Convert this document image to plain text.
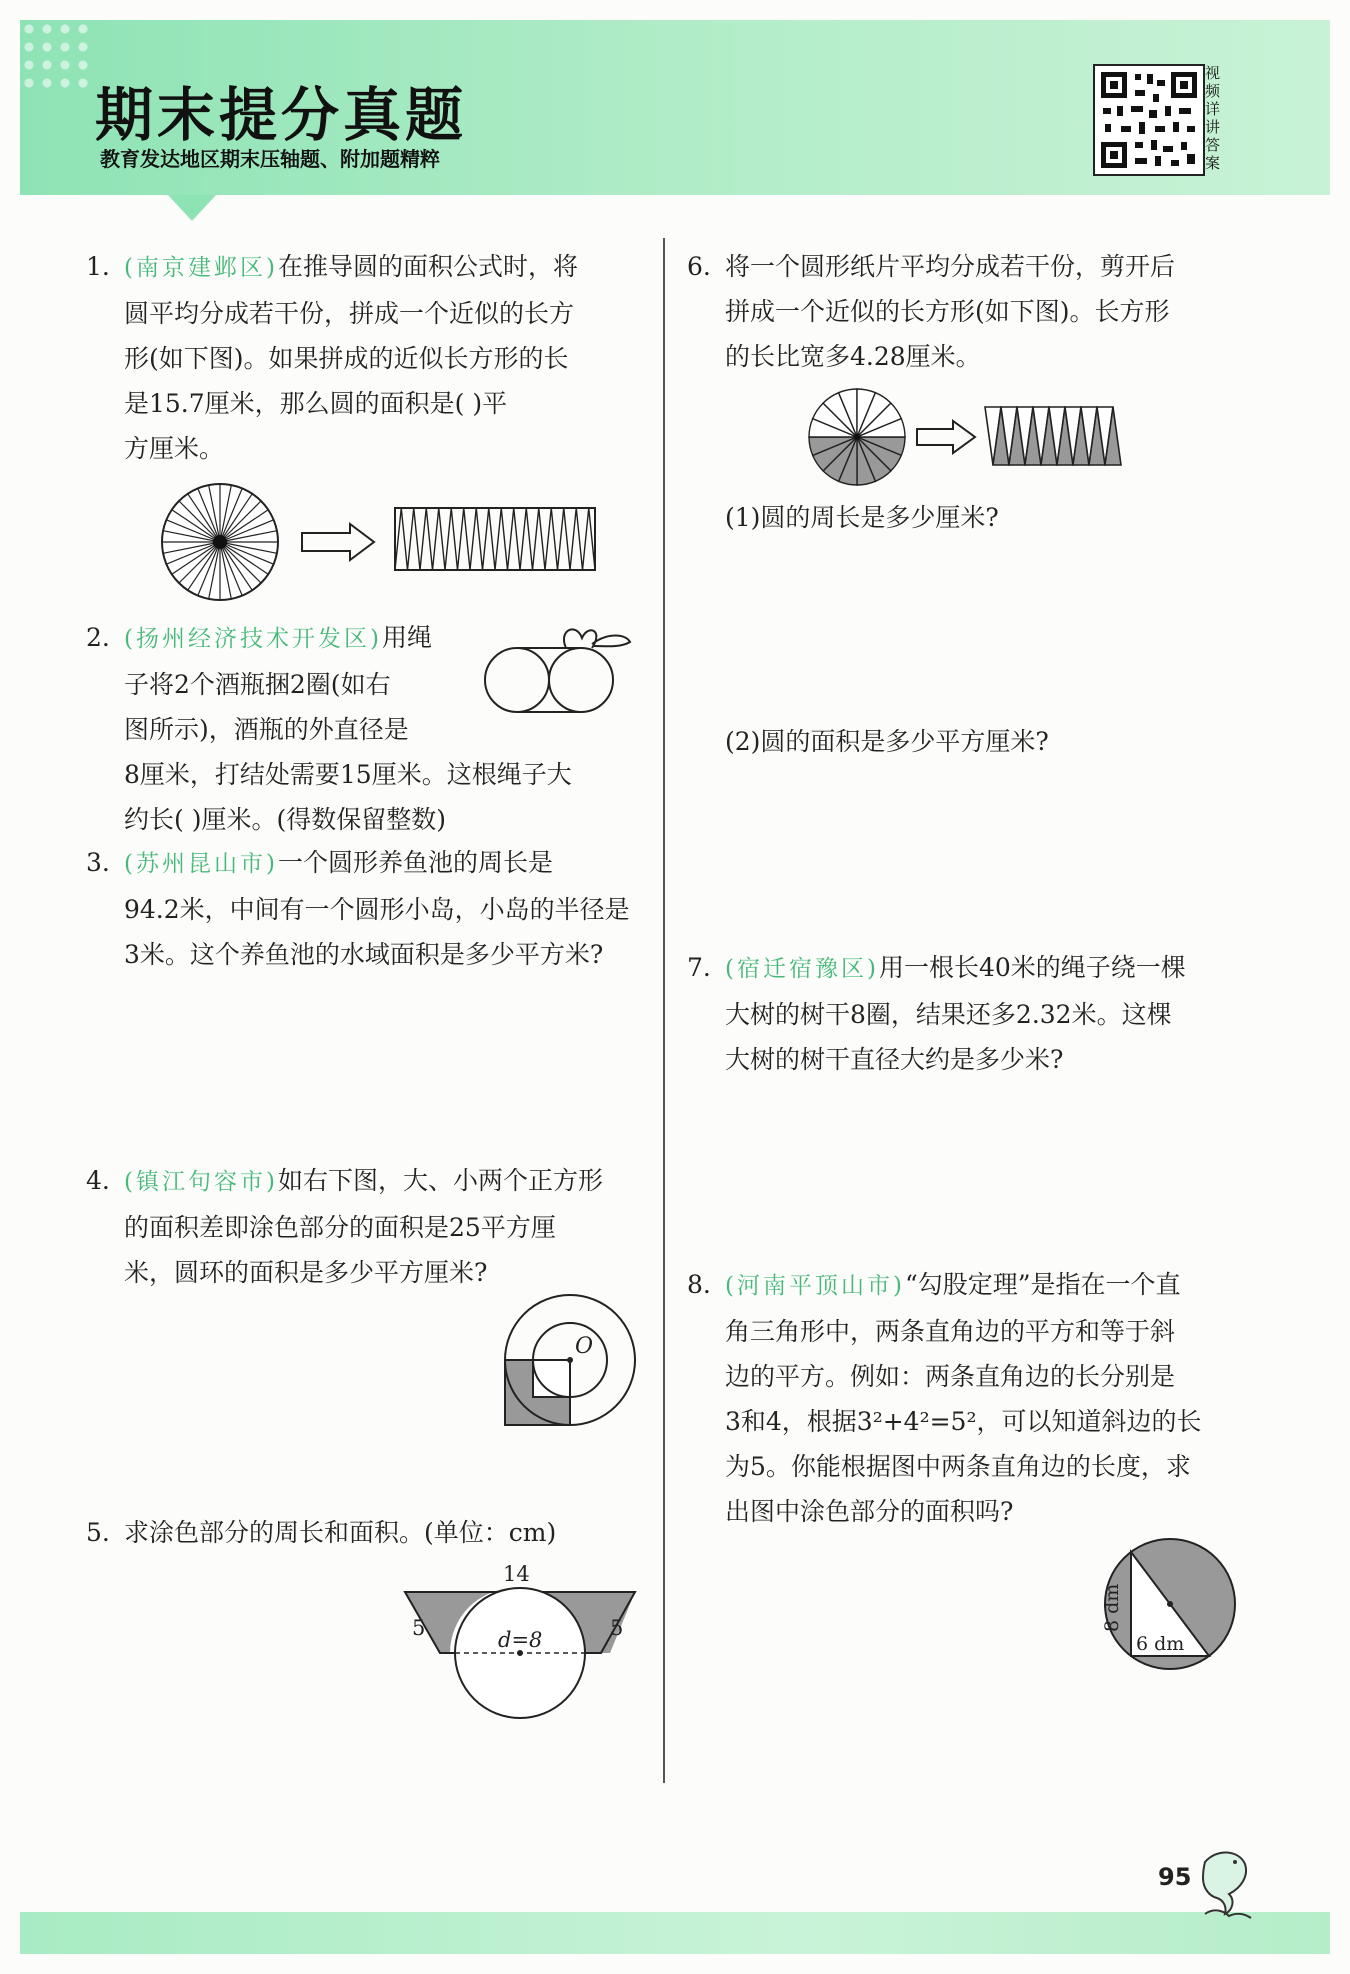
期末提分真题
教育发达地区期末压轴题、附加题精粹
视频详讲答案
1. (南京建邺区)在推导圆的面积公式时，将
圆平均分成若干份，拼成一个近似的长方
形(如下图)。如果拼成的近似长方形的长
是15.7厘米，那么圆的面积是( )平
方厘米。
2. (扬州经济技术开发区)用绳
子将2个酒瓶捆2圈(如右
图所示)，酒瓶的外直径是
8厘米，打结处需要15厘米。这根绳子大
约长( )厘米。(得数保留整数)
3. (苏州昆山市)一个圆形养鱼池的周长是
94.2米，中间有一个圆形小岛，小岛的半径是
3米。这个养鱼池的水域面积是多少平方米?
4. (镇江句容市)如右下图，大、小两个正方形
的面积差即涂色部分的面积是25平方厘
米，圆环的面积是多少平方厘米?
O
5. 求涂色部分的周长和面积。(单位：cm)
14
5	5
d=8
6. 将一个圆形纸片平均分成若干份，剪开后
拼成一个近似的长方形(如下图)。长方形
的长比宽多4.28厘米。
(1)圆的周长是多少厘米?
(2)圆的面积是多少平方厘米?
7. (宿迁宿豫区)用一根长40米的绳子绕一棵
大树的树干8圈，结果还多2.32米。这棵
大树的树干直径大约是多少米?
8. (河南平顶山市)“勾股定理”是指在一个直
角三角形中，两条直角边的平方和等于斜
边的平方。例如：两条直角边的长分别是
3和4，根据3²+4²=5²，可以知道斜边的长
为5。你能根据图中两条直角边的长度，求
出图中涂色部分的面积吗?
8 dm
6 dm
95
